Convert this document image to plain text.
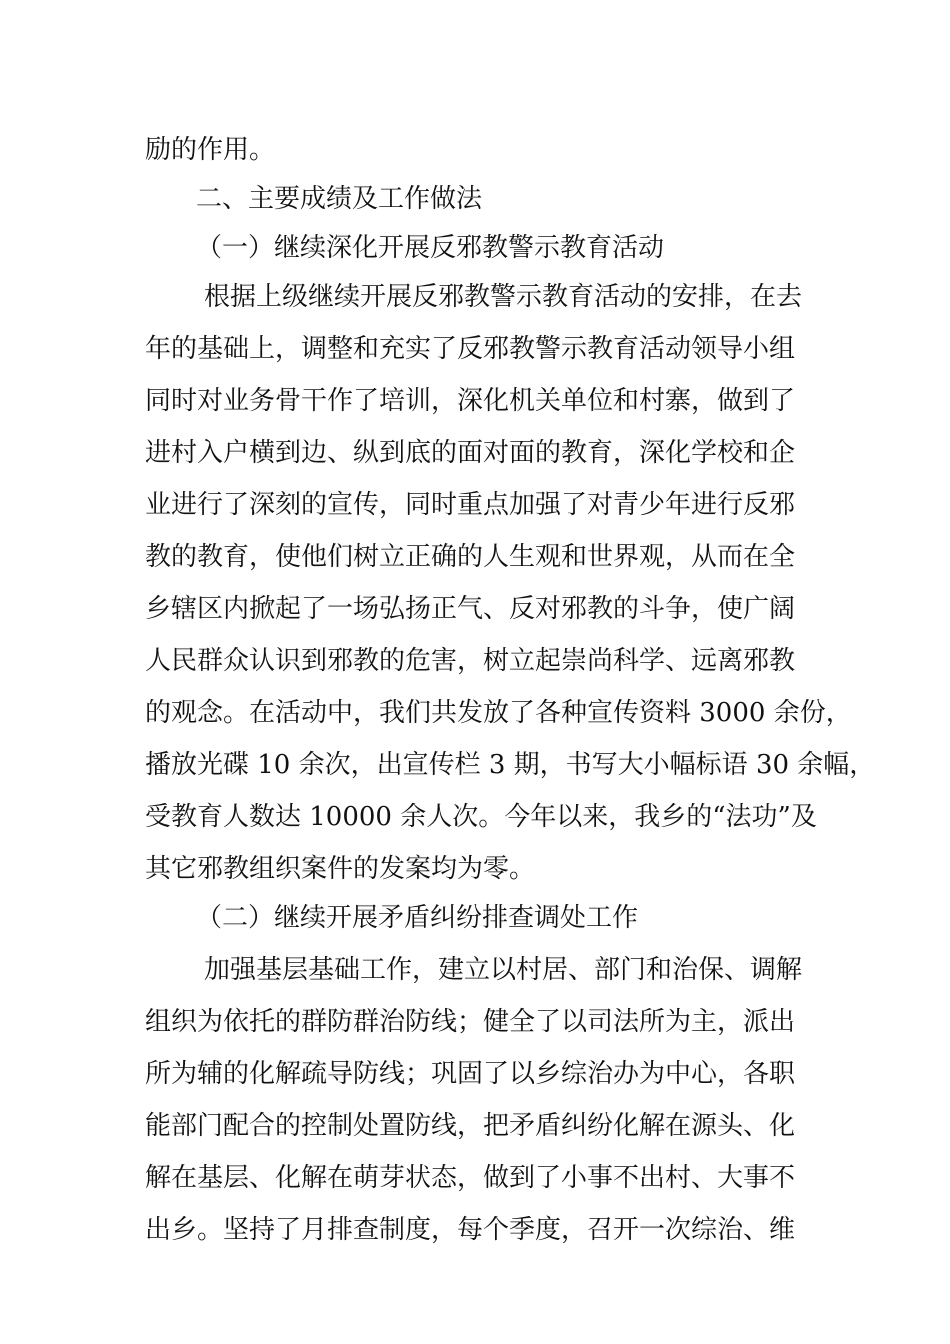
励的作用。
二、主要成绩及工作做法
（一）继续深化开展反邪教警示教育活动
根据上级继续开展反邪教警示教育活动的安排，在去
年的基础上，调整和充实了反邪教警示教育活动领导小组
同时对业务骨干作了培训，深化机关单位和村寨，做到了
进村入户横到边、纵到底的面对面的教育，深化学校和企
业进行了深刻的宣传，同时重点加强了对青少年进行反邪
教的教育，使他们树立正确的人生观和世界观，从而在全
乡辖区内掀起了一场弘扬正气、反对邪教的斗争，使广阔
人民群众认识到邪教的危害，树立起崇尚科学、远离邪教
的观念。在活动中，我们共发放了各种宣传资料 3000 余份，
播放光碟 10 余次，出宣传栏 3 期，书写大小幅标语 30 余幅，
受教育人数达 10000 余人次。今年以来，我乡的“法功”及
其它邪教组织案件的发案均为零。
（二）继续开展矛盾纠纷排查调处工作
加强基层基础工作，建立以村居、部门和治保、调解
组织为依托的群防群治防线；健全了以司法所为主，派出
所为辅的化解疏导防线；巩固了以乡综治办为中心，各职
能部门配合的控制处置防线，把矛盾纠纷化解在源头、化
解在基层、化解在萌芽状态，做到了小事不出村、大事不
出乡。坚持了月排查制度，每个季度，召开一次综治、维
